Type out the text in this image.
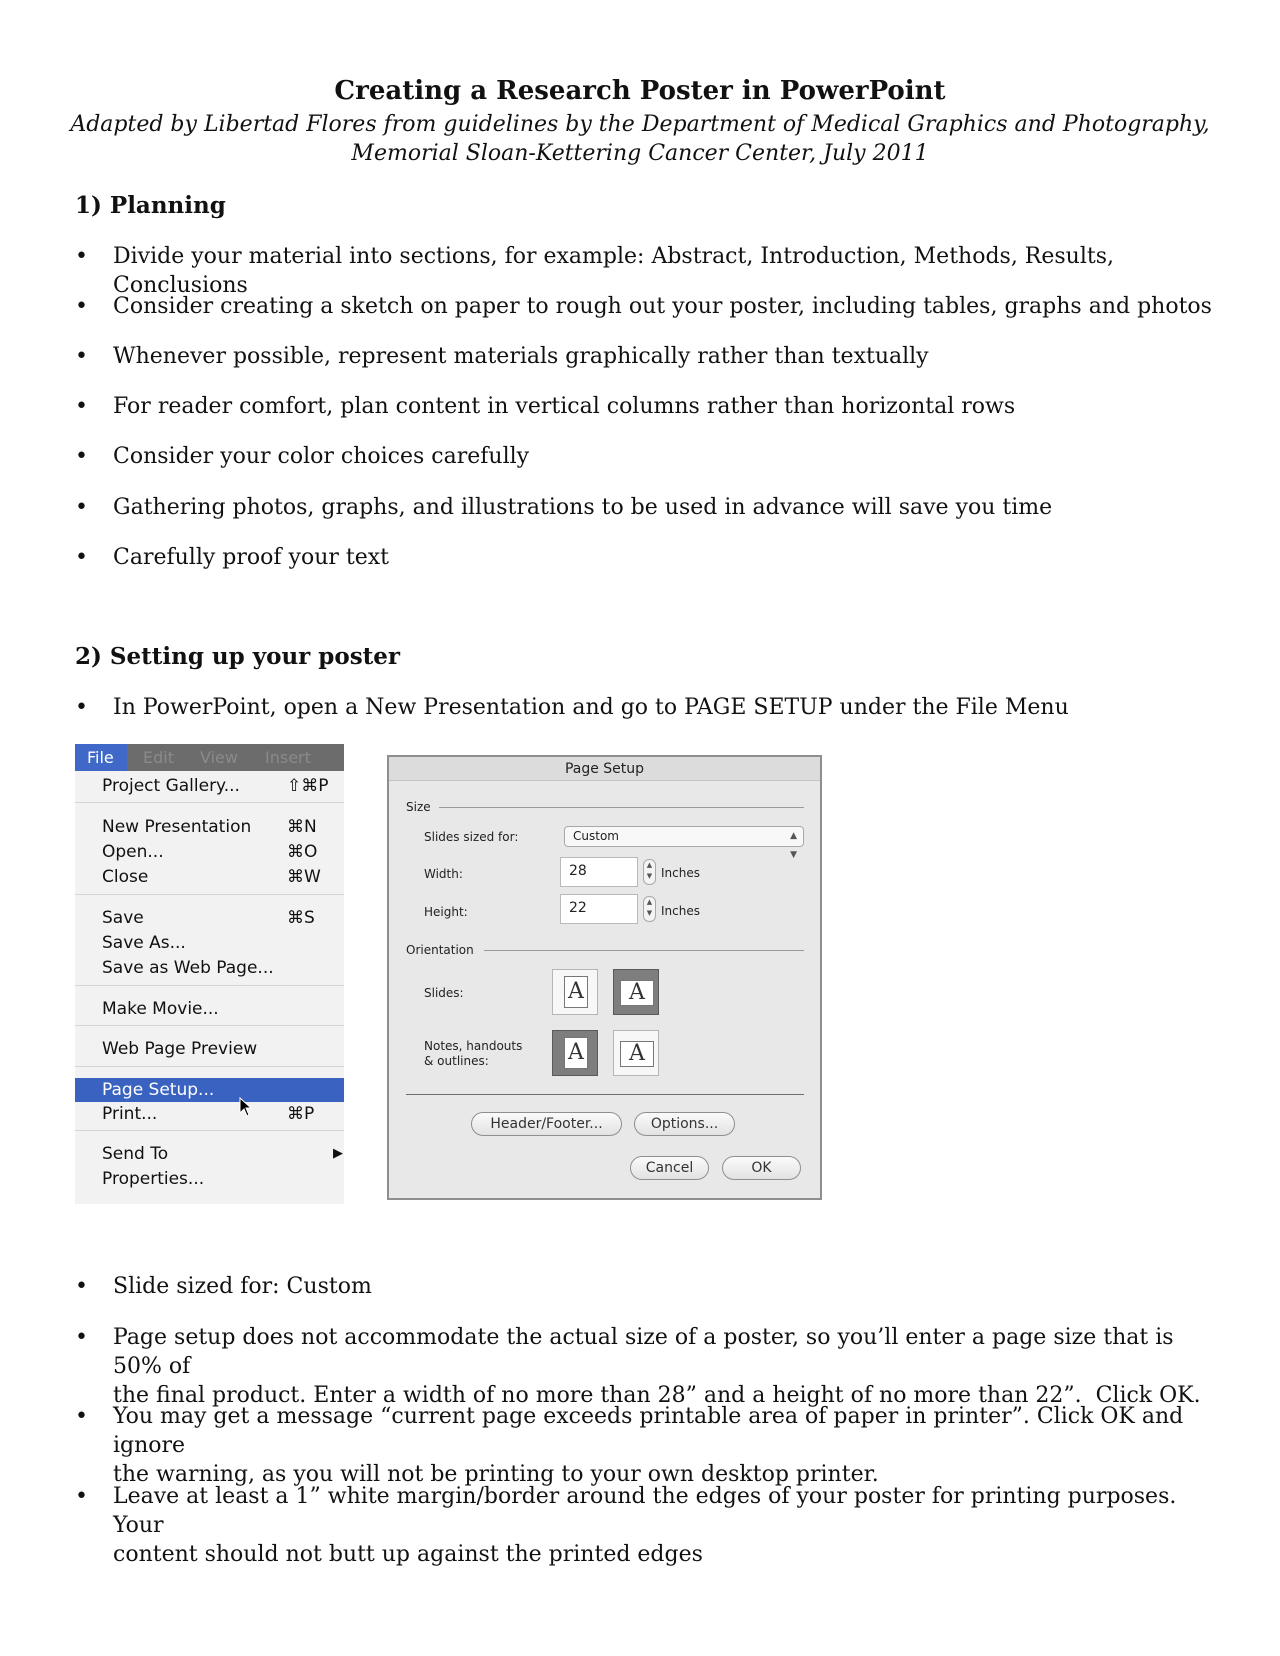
Creating a Research Poster in PowerPoint
Adapted by Libertad Flores from guidelines by the Department of Medical Graphics and Photography,
Memorial Sloan-Kettering Cancer Center, July 2011
1) Planning
• Divide your material into sections, for example: Abstract, Introduction, Methods, Results, Conclusions
• Consider creating a sketch on paper to rough out your poster, including tables, graphs and photos
• Whenever possible, represent materials graphically rather than textually
• For reader comfort, plan content in vertical columns rather than horizontal rows
• Consider your color choices carefully
• Gathering photos, graphs, and illustrations to be used in advance will save you time
• Carefully proof your text
2) Setting up your poster
• In PowerPoint, open a New Presentation and go to PAGE SETUP under the File Menu
File	Edit View Insert
Project Gallery...	⇧⌘P
New Presentation ⌘N
Open...	⌘O
Close	⌘W
Save	⌘S
Save As...
Save as Web Page...
Make Movie...
Web Page Preview
Page Setup...
Print...	⌘P
Send To	▶
Properties...
Page Setup
Size
Slides sized for:	Custom	▲
▼
Width:	28	▲
▼ Inches
Height:	22	▲
▼ Inches
Orientation
Slides:	A	A
Notes, handouts
& outlines:	A	A
Header/Footer...	Options...
Cancel	OK
• Slide sized for: Custom
• Page setup does not accommodate the actual size of a poster, so you’ll enter a page size that is 50% of
the final product. Enter a width of no more than 28” and a height of no more than 22”.  Click OK.
• You may get a message “current page exceeds printable area of paper in printer”. Click OK and ignore
the warning, as you will not be printing to your own desktop printer.
• Leave at least a 1” white margin/border around the edges of your poster for printing purposes. Your
content should not butt up against the printed edges
